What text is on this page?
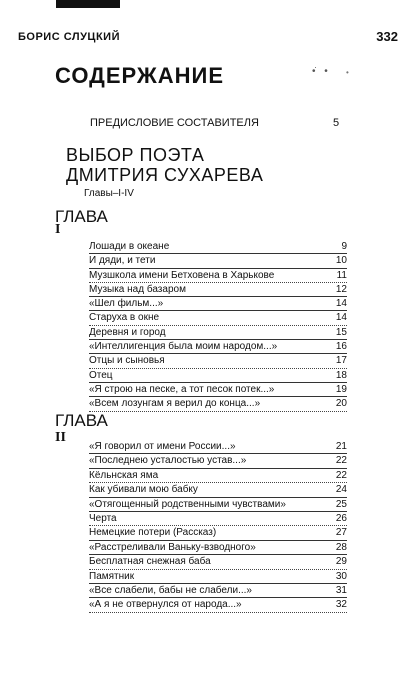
БОРИС СЛУЦКИЙ	332
СОДЕРЖАНИЕ	•̇ • •
ПРЕДИСЛОВИЕ СОСТАВИТЕЛЯ	5
ВЫБОР ПОЭТА
ДМИТРИЯ СУХАРЕВА
Главы–I-IV
ГЛАВА
I
Лошади в океане	9
И дяди, и тети	10
Музшкола имени Бетховена в Харькове	11
Музыка над базаром	12
«Шел фильм...»	14
Старуха в окне	14
Деревня и город	15
«Интеллигенция была моим народом...»	16
Отцы и сыновья	17
Отец	18
«Я строю на песке, а тот песок потек...»	19
«Всем лозунгам я верил до конца...»	20
ГЛАВА
II
«Я говорил от имени России...»	21
«Последнею усталостью устав...»	22
Кёльнская яма	22
Как убивали мою бабку	24
«Отягощенный родственными чувствами»	25
Черта	26
Немецкие потери (Рассказ)	27
«Расстреливали Ваньку-взводного»	28
Бесплатная снежная баба	29
Памятник	30
«Все слабели, бабы не слабели...»	31
«А я не отвернулся от народа...»	32
